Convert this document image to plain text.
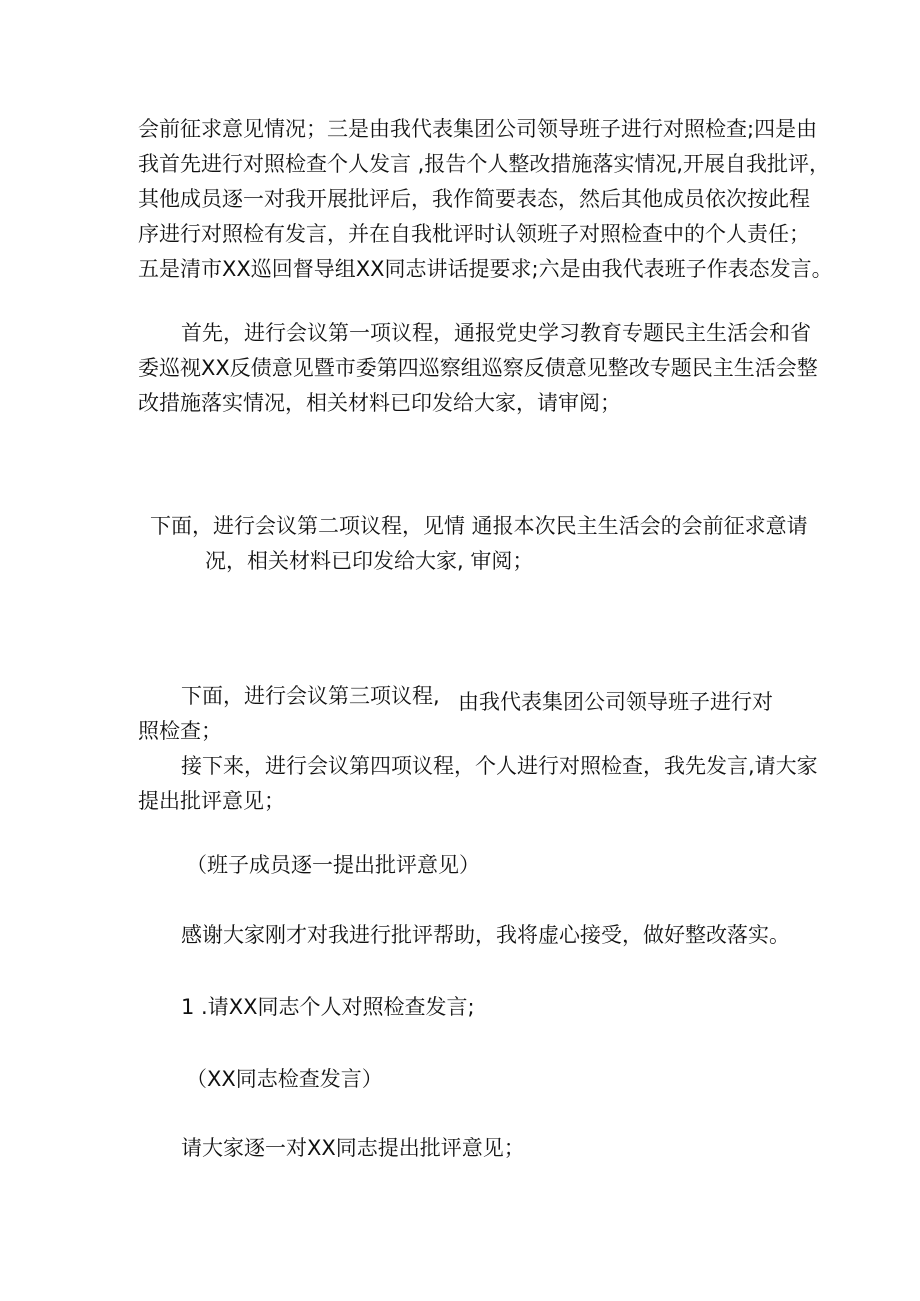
会前征求意见情况；三是由我代表集团公司领导班子进行对照检查;四是由
我首先进行对照检查个人发言 ,报告个人整改措施落实情况,开展自我批评，
其他成员逐一对我开展批评后，我作简要表态，然后其他成员依次按此程
序进行对照检有发言，并在自我枇评时认领班子对照检查中的个人责任；
五是清市XX巡回督导组XX同志讲话提要求;六是由我代表班子作表态发言。
首先，进行会议第一项议程，通报党史学习教育专题民主生活会和省
委巡视XX反债意见暨市委第四巡察组巡察反债意见整改专题民主生活会整
改措施落实情况，相关材料已印发给大家，请审阅；
下面，进行会议第二项议程，见情 通报本次民主生活会的会前征求意请
况，相关材料已印发给大家, 审阅；
下面，进行会议第三项议程, 由我代表集团公司领导班子进行对
照检查；
接下来，进行会议第四项议程，个人进行对照检查，我先发言,请大家
提出批评意见；
（班子成员逐一提出批评意见）
感谢大家刚才对我进行批评帮助，我将虚心接受，做好整改落实。
1 .请XX同志个人对照检查发言;
（XX同志检查发言）
请大家逐一对XX同志提出批评意见；
